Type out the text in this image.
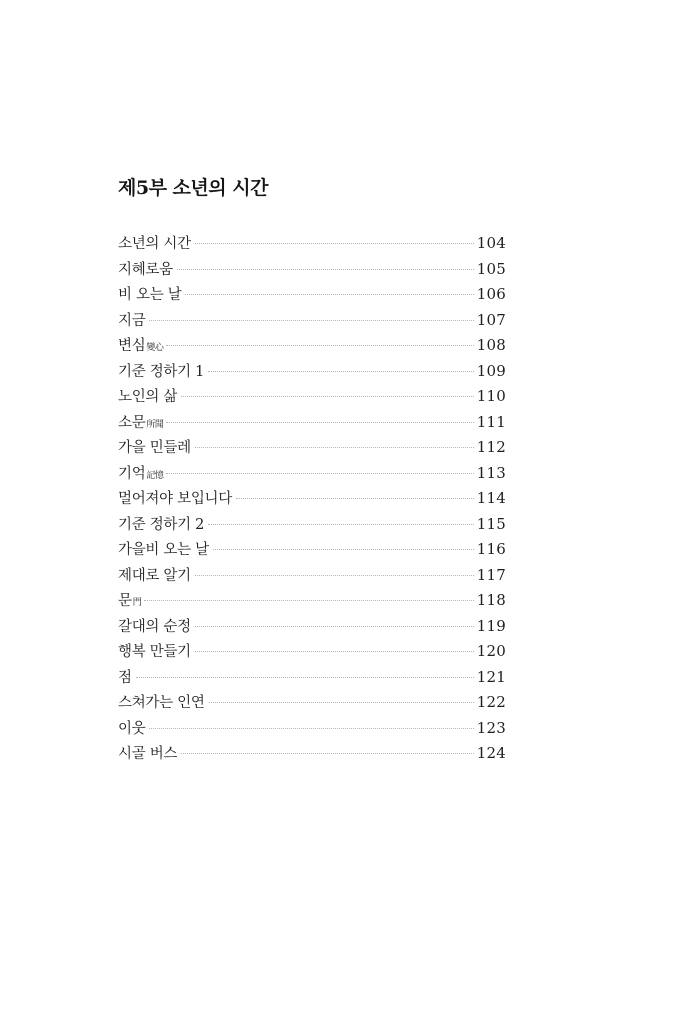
제5부 소년의 시간
소년의 시간	104
지혜로움	105
비 오는 날	106
지금	107
변심變心	108
기준 정하기 1	109
노인의 삶	110
소문所聞	111
가을 민들레	112
기억記憶	113
멀어져야 보입니다	114
기준 정하기 2	115
가을비 오는 날	116
제대로 알기	117
문門	118
갈대의 순정	119
행복 만들기	120
점	121
스쳐가는 인연	122
이웃	123
시골 버스	124
